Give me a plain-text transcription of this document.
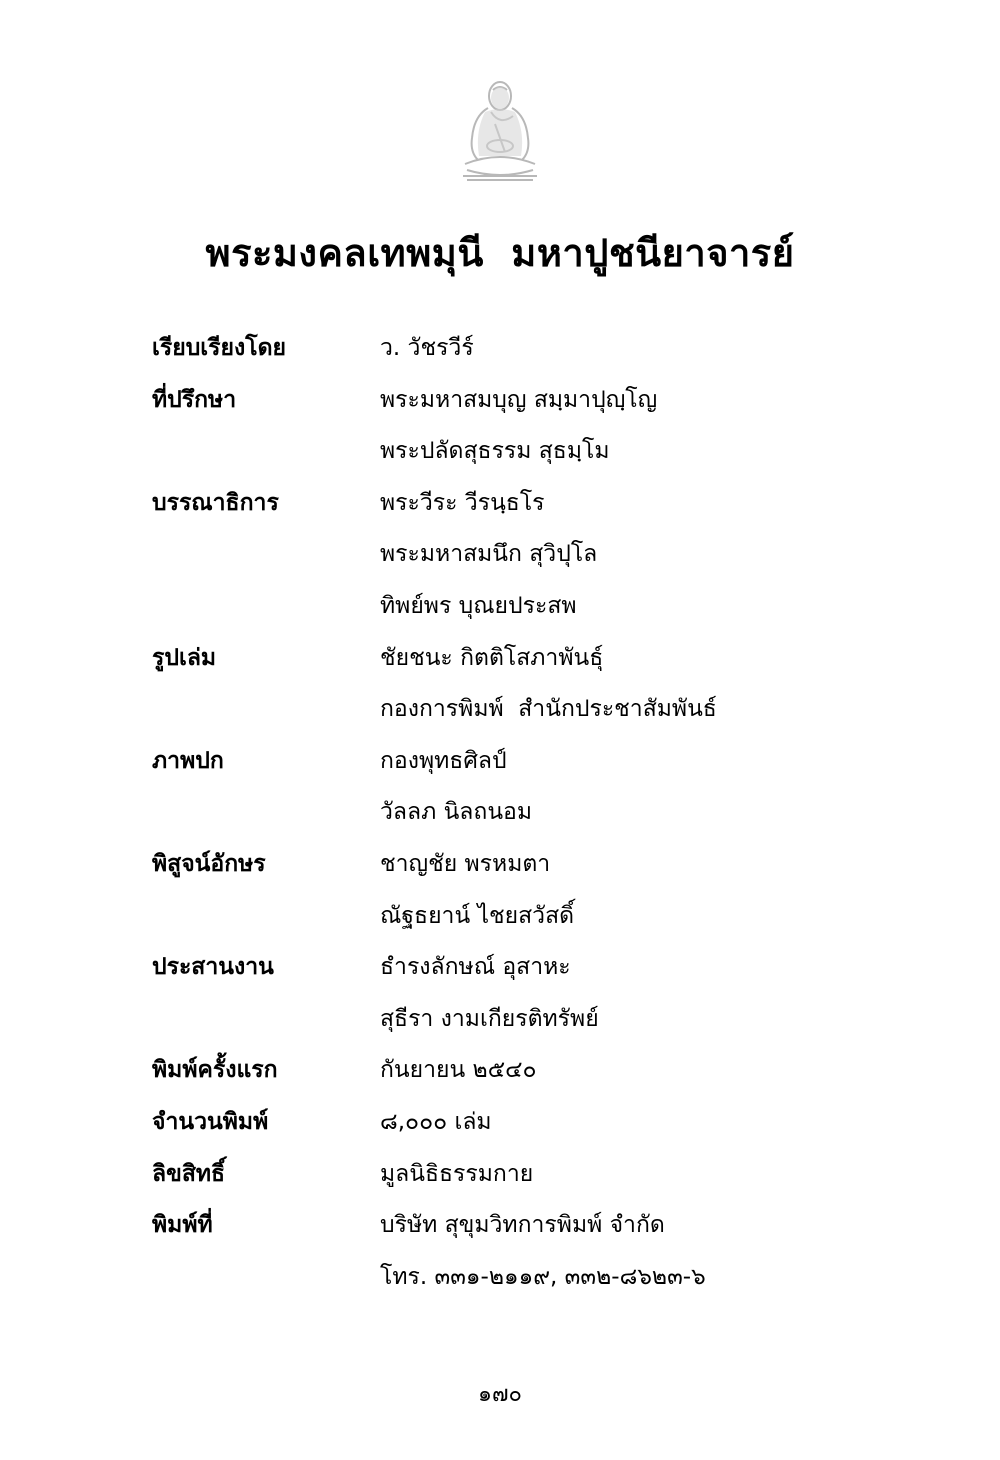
พระมงคลเทพมุนี  มหาปูชนียาจารย์
เรียบเรียงโดย	ว. วัชรวีร์
ที่ปรึกษา	พระมหาสมบุญ สมฺมาปุญฺโญ
พระปลัดสุธรรม สุธมฺโม
บรรณาธิการ	พระวีระ วีรนฺธโร
พระมหาสมนึก สุวิปุโล
ทิพย์พร บุณยประสพ
รูปเล่ม	ชัยชนะ กิตติโสภาพันธุ์
กองการพิมพ์  สำนักประชาสัมพันธ์
ภาพปก	กองพุทธศิลป์
วัลลภ นิลถนอม
พิสูจน์อักษร	ชาญชัย พรหมตา
ณัฐธยาน์ ไชยสวัสดิ์
ประสานงาน	ธำรงลักษณ์ อุสาหะ
สุธีรา งามเกียรติทรัพย์
พิมพ์ครั้งแรก	กันยายน ๒๕๔๐
จำนวนพิมพ์	๘,๐๐๐ เล่ม
ลิขสิทธิ์	มูลนิธิธรรมกาย
พิมพ์ที่	บริษัท สุขุมวิทการพิมพ์ จำกัด
โทร. ๓๓๑-๒๑๑๙, ๓๓๒-๘๖๒๓-๖
๑๗๐
